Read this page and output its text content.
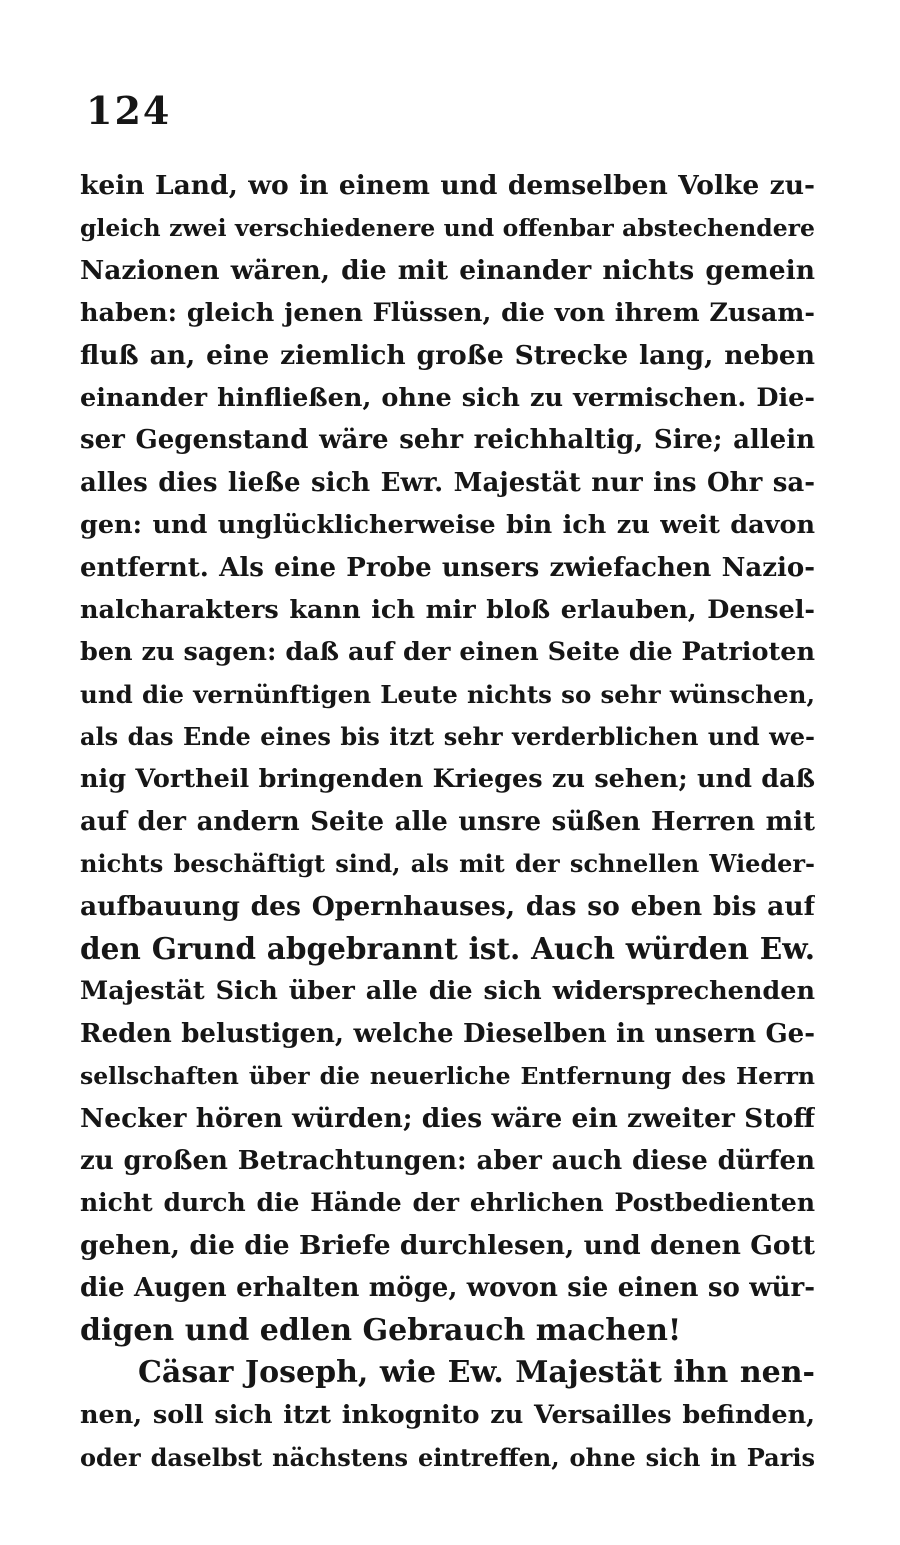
124
kein Land, wo in einem und demselben Volke zu-
gleich zwei verschiedenere und offenbar abstechendere
Nazionen wären, die mit einander nichts gemein
haben: gleich jenen Flüssen, die von ihrem Zusam-
fluß an, eine ziemlich große Strecke lang, neben
einander hinfließen, ohne sich zu vermischen. Die-
ser Gegenstand wäre sehr reichhaltig, Sire; allein
alles dies ließe sich Ewr. Majestät nur ins Ohr sa-
gen: und unglücklicherweise bin ich zu weit davon
entfernt. Als eine Probe unsers zwiefachen Nazio-
nalcharakters kann ich mir bloß erlauben, Densel-
ben zu sagen: daß auf der einen Seite die Patrioten
und die vernünftigen Leute nichts so sehr wünschen,
als das Ende eines bis itzt sehr verderblichen und we-
nig Vortheil bringenden Krieges zu sehen; und daß
auf der andern Seite alle unsre süßen Herren mit
nichts beschäftigt sind, als mit der schnellen Wieder-
aufbauung des Opernhauses, das so eben bis auf
den Grund abgebrannt ist. Auch würden Ew.
Majestät Sich über alle die sich widersprechenden
Reden belustigen, welche Dieselben in unsern Ge-
sellschaften über die neuerliche Entfernung des Herrn
Necker hören würden; dies wäre ein zweiter Stoff
zu großen Betrachtungen: aber auch diese dürfen
nicht durch die Hände der ehrlichen Postbedienten
gehen, die die Briefe durchlesen, und denen Gott
die Augen erhalten möge, wovon sie einen so wür-
digen und edlen Gebrauch machen!
Cäsar Joseph, wie Ew. Majestät ihn nen-
nen, soll sich itzt inkognito zu Versailles befinden,
oder daselbst nächstens eintreffen, ohne sich in Paris
